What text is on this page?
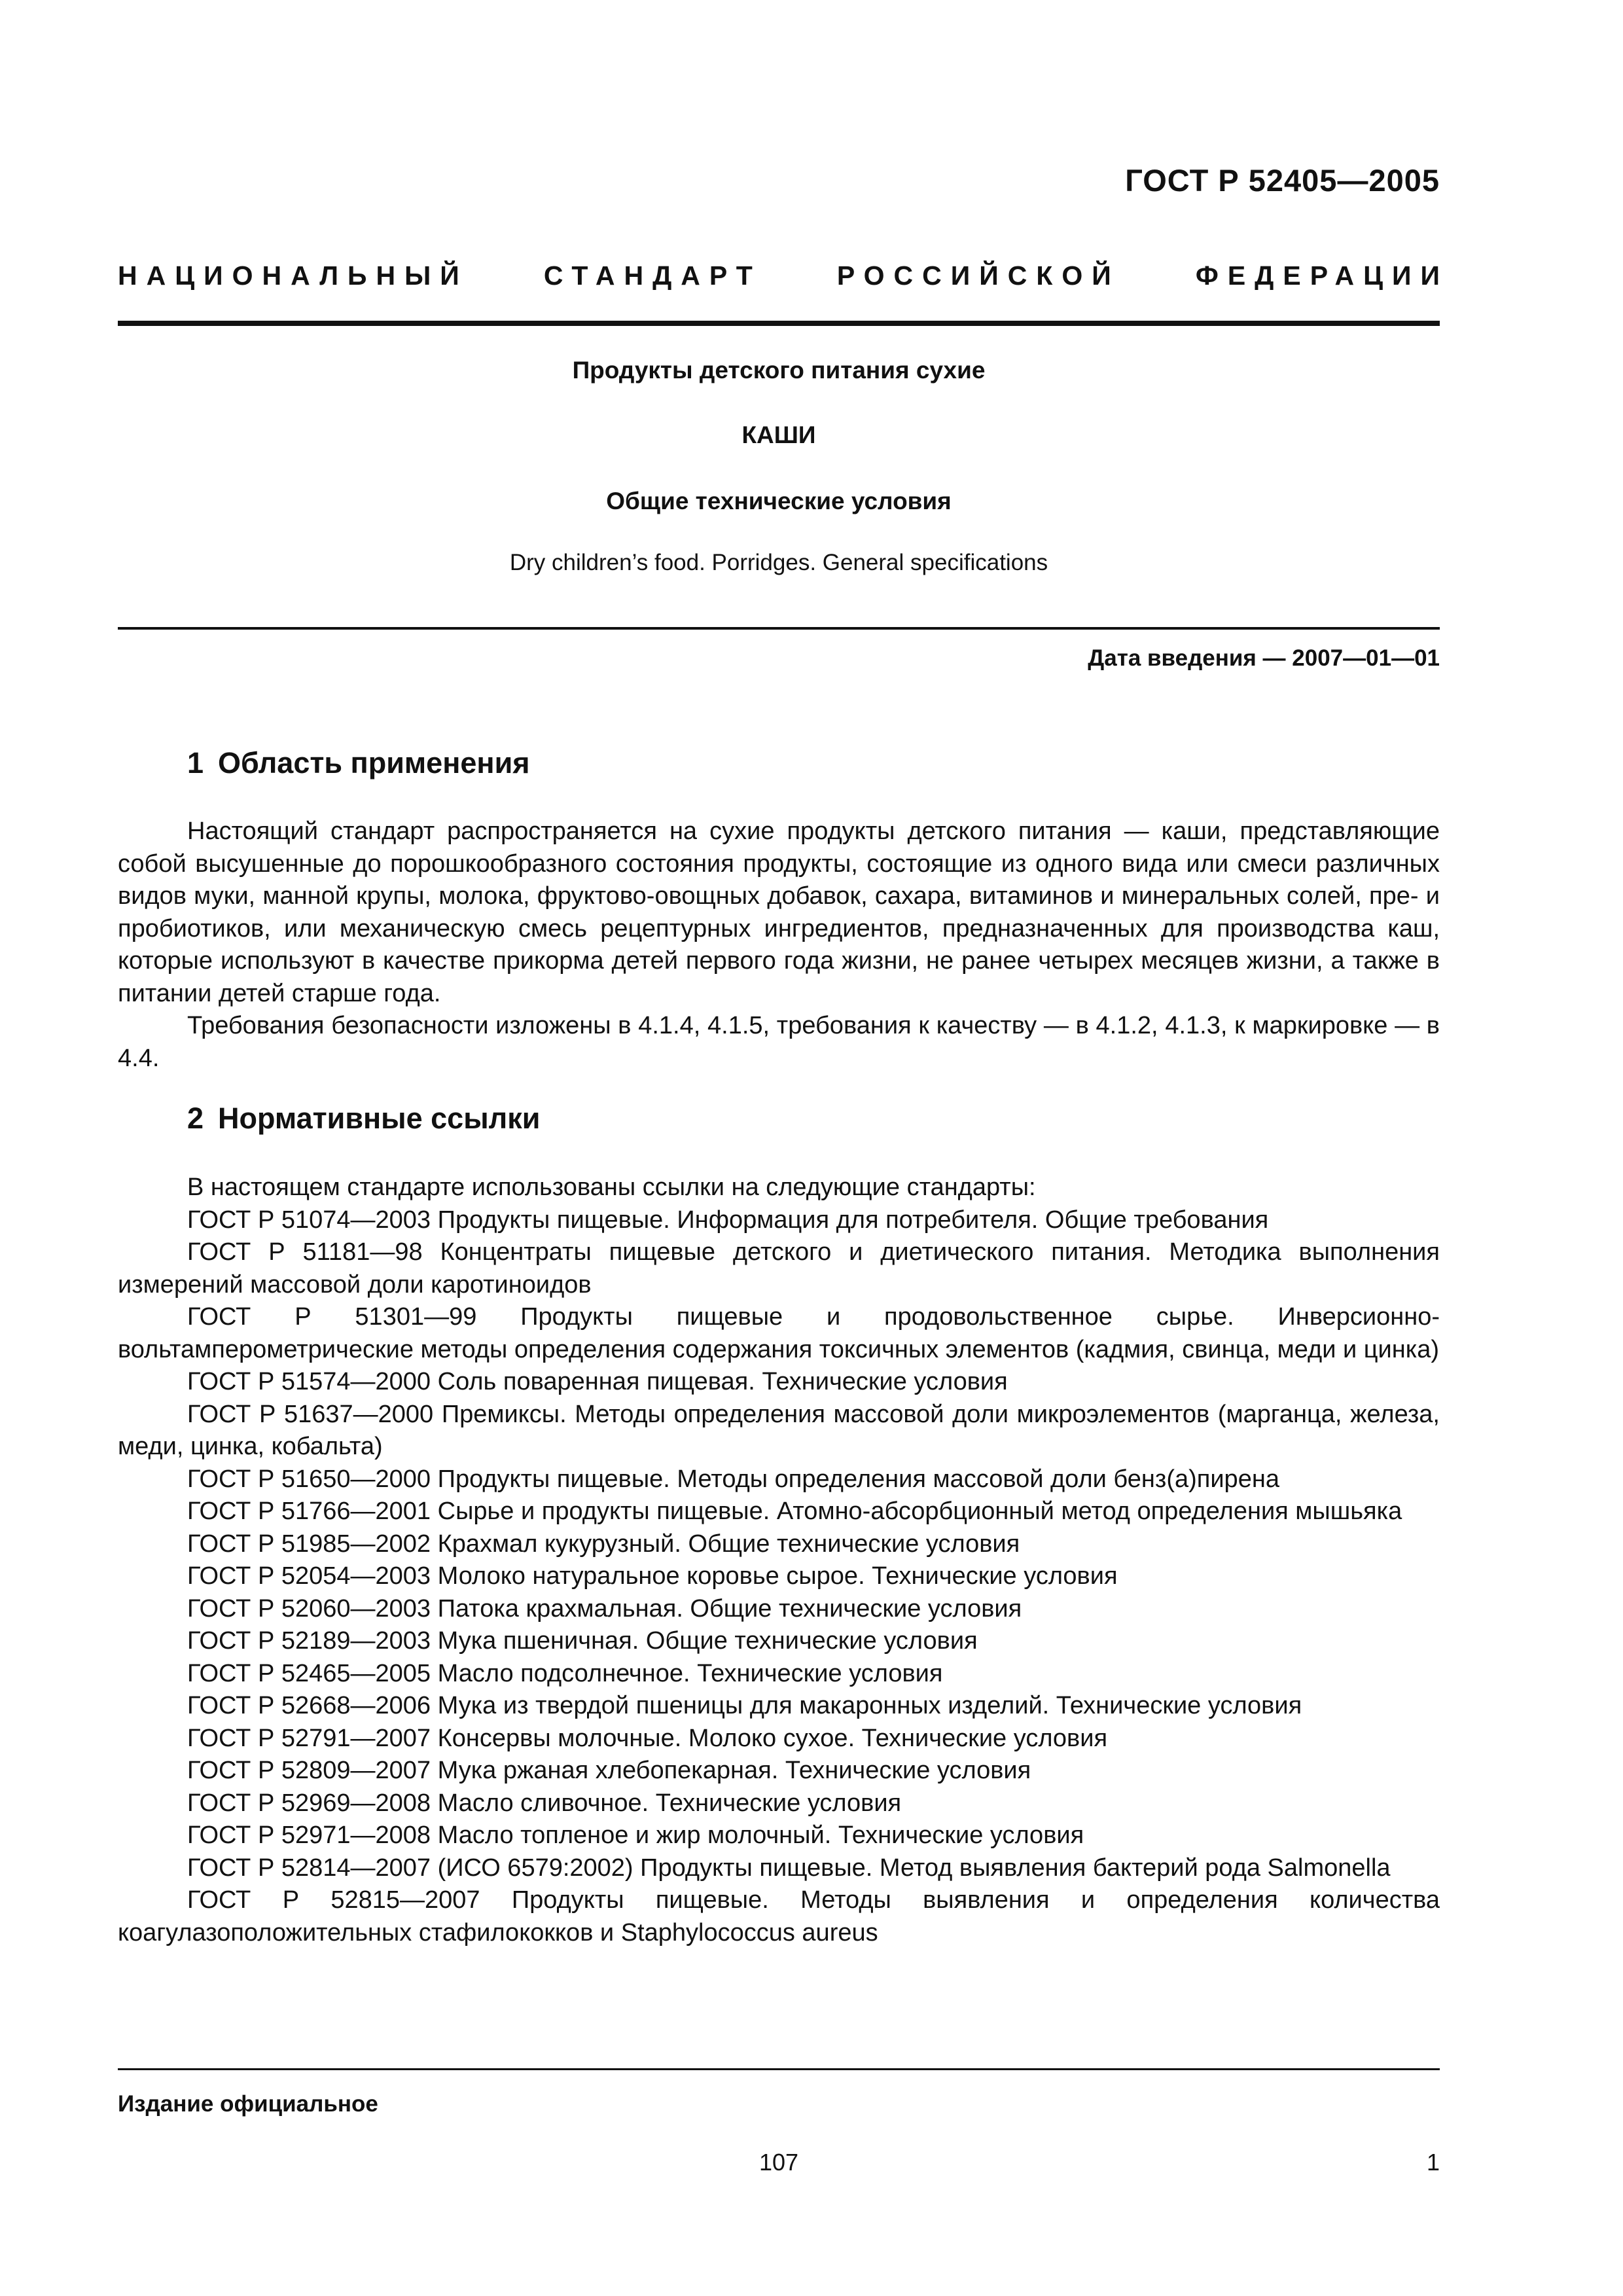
ГОСТ Р 52405—2005
НАЦИОНАЛЬНЫЙ	СТАНДАРТ	РОССИЙСКОЙ	ФЕДЕРАЦИИ
Продукты детского питания сухие
КАШИ
Общие технические условия
Dry children’s food. Porridges. General specifications
Дата введения — 2007—01—01
1 Область применения

Настоящий стандарт распространяется на сухие продукты детского питания — каши, представляющие собой высушенные до порошкообразного состояния продукты, состоящие из одного вида или смеси различных видов муки, манной крупы, молока, фруктово-овощных добавок, сахара, витаминов и минеральных солей, пре- и пробиотиков, или механическую смесь рецептурных ингредиентов, предназначенных для производства каш, которые используют в качестве прикорма детей первого года жизни, не ранее четырех месяцев жизни, а также в питании детей старше года.

Требования безопасности изложены в 4.1.4, 4.1.5, требования к качеству — в 4.1.2, 4.1.3, к маркировке — в 4.4.

2 Нормативные ссылки

В настоящем стандарте использованы ссылки на следующие стандарты:

ГОСТ Р 51074—2003 Продукты пищевые. Информация для потребителя. Общие требования

ГОСТ Р 51181—98 Концентраты пищевые детского и диетического питания. Методика выполнения измерений массовой доли каротиноидов

ГОСТ Р 51301—99 Продукты пищевые и продовольственное сырье. Инверсионно-вольтамперометрические методы определения содержания токсичных элементов (кадмия, свинца, меди и цинка)

ГОСТ Р 51574—2000 Соль поваренная пищевая. Технические условия

ГОСТ Р 51637—2000 Премиксы. Методы определения массовой доли микроэлементов (марганца, железа, меди, цинка, кобальта)

ГОСТ Р 51650—2000 Продукты пищевые. Методы определения массовой доли бенз(а)пирена

ГОСТ Р 51766—2001 Сырье и продукты пищевые. Атомно-абсорбционный метод определения мышьяка

ГОСТ Р 51985—2002 Крахмал кукурузный. Общие технические условия

ГОСТ Р 52054—2003 Молоко натуральное коровье сырое. Технические условия

ГОСТ Р 52060—2003 Патока крахмальная. Общие технические условия

ГОСТ Р 52189—2003 Мука пшеничная. Общие технические условия

ГОСТ Р 52465—2005 Масло подсолнечное. Технические условия

ГОСТ Р 52668—2006 Мука из твердой пшеницы для макаронных изделий. Технические условия

ГОСТ Р 52791—2007 Консервы молочные. Молоко сухое. Технические условия

ГОСТ Р 52809—2007 Мука ржаная хлебопекарная. Технические условия

ГОСТ Р 52969—2008 Масло сливочное. Технические условия

ГОСТ Р 52971—2008 Масло топленое и жир молочный. Технические условия

ГОСТ Р 52814—2007 (ИСО 6579:2002) Продукты пищевые. Метод выявления бактерий рода Salmonella

ГОСТ Р 52815—2007 Продукты пищевые. Методы выявления и определения количества коагулазоположительных стафилококков и Staphylococcus aureus

Издание официальное
107	1
